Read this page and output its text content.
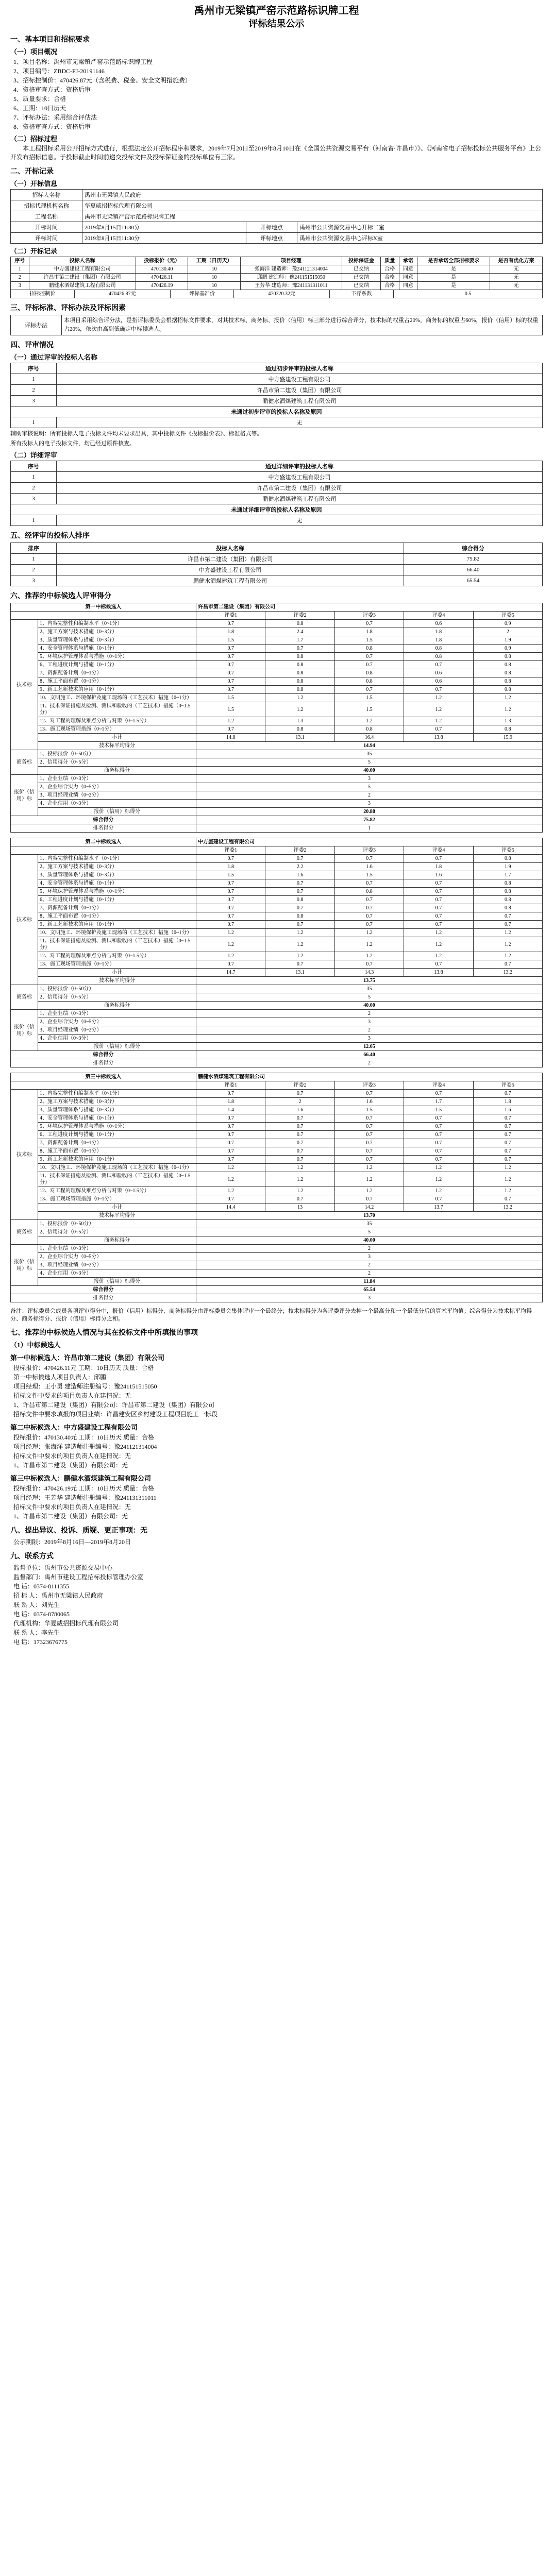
禹州市无梁镇严窑示范路标识牌工程
评标结果公示
一、基本项目和招标要求
（一）项目概况
1、项目名称：禹州市无梁镇严窑示范路标识牌工程
2、项目编号：ZBDC-FJ-20191146
3、招标控制价：470426.87元（含税费、税金、安全文明措施费）
4、资格审查方式：资格后审
5、质量要求：合格
6、工期：10日历天
7、评标办法：采用综合评估法
8、资格审查方式：资格后审
（二）招标过程
本工程招标采用公开招标方式进行，根据法定公开招标程序和要求，2019年7月20日至2019年8月10日在《全国公共资源交易平台（河南省·许昌市）》、《河南省电子招标投标公共服务平台》上公开发布招标信息。于投标截止时间前递交投标文件及投标保证金的投标单位有三家。
二、开标记录
（一）开标信息
招标人名称	禹州市无梁镇人民政府		
招标代理机构名称	华夏威招招标代理有限公司		
工程名称	禹州市无梁镇严窑示范路标识牌工程		
开标时间	2019年8月15日11:30分	开标地点	禹州市公共资源交易中心开标二室
评标时间	2019年8月15日11:30分	评标地点	禹州市公共资源交易中心评标X室
（二）开标记录
序号	投标人名称	投标报价（元）	工期（日历天）	项目经理	投标保证金	质量	承诺	是否承诺全部招标要求	是否有优化方案
1	中方盛建设工程有限公司	470130.40	10	张海洋 建造师：豫241121314004	已交纳	合格	同意	是	无
2	许昌市第二建设（集团）有限公司	470426.11	10	邱鹏 建造师：豫241151515050	已交纳	合格	同意	是	无
3	鹏健水酒煤建筑工程有限公司	470426.19	10	王芳华 建造师：豫241131311011	已交纳	合格	同意	是	无
招标控制价	470426.87元	评标基准价	470320.32元	下浮系数	0.5
三、评标标准、评标办法及评标因素
评标办法	本项目采用综合评分法，是指评标委员会根据招标文件要求，对其技术标、商务标、报价（信用）标三部分进行综合评分，技术标的权重占20%，商务标的权重占60%，报价（信用）标的权重占20%，依次由高到低确定中标候选人。
四、评审情况
（一）通过评审的投标人名称
序号	通过初步评审的投标人名称
1	中方盛建设工程有限公司
2	许昌市第二建设（集团）有限公司
3	鹏健水酒煤建筑工程有限公司
未通过初步评审的投标人名称及原因	
1	无
辅助审核说明：所有投标人电子投标文件均未要求出具，其中投标文件《投标报价表》、标准格式等。
所有投标人的电子投标文件，均已经过原件核查。
（二）详细评审
序号	通过详细评审的投标人名称
1	中方盛建设工程有限公司
2	许昌市第二建设（集团）有限公司
3	鹏健水酒煤建筑工程有限公司
未通过详细评审的投标人名称及原因	
1	无
五、经评审的投标人排序
排序	投标人名称	综合得分
1	许昌市第二建设（集团）有限公司	75.82
2	中方盛建设工程有限公司	66.40
3	鹏健水酒煤建筑工程有限公司	65.54
六、推荐的中标候选人评审得分
第一中标候选人		许昌市第二建设（集团）有限公司				
		评委1	评委2	评委3	评委4	评委5
技术标	1、内容完整性和编制水平（0~1分）	0.7	0.8	0.7	0.6	0.9
	2、施工方案与技术措施（0~3分）	1.8	2.4	1.8	1.8	2
	3、质量管理体系与措施（0~3分）	1.5	1.7	1.5	1.8	1.9
	4、安全管理体系与措施（0~1分）	0.7	0.7	0.8	0.8	0.9
	5、环境保护管理体系与措施（0~1分）	0.7	0.8	0.7	0.8	0.8
	6、工程进度计划与措施（0~1分）	0.7	0.8	0.7	0.7	0.8
	7、资源配备计划（0~1分）	0.7	0.8	0.8	0.6	0.8
	8、施工平面布置（0~1分）	0.7	0.8	0.8	0.6	0.8
	9、新工艺新技术的应用（0~1分）	0.7	0.8	0.7	0.7	0.8
	10、文明施工、环境保护及施工现场的（工艺技术）措施（0~1分）	1.5	1.2	1.5	1.2	1.2
	11、技术保证措施及检测、测试和验收的（工艺技术）措施（0~1.5分）	1.5	1.2	1.5	1.2	1.2
	12、对工程的理解及难点分析与对策（0~1.5分）	1.2	1.3	1.2	1.2	1.3
	13、施工现场管理措施（0~1分）	0.7	0.8	0.8	0.7	0.8
	小计	14.8	13.1	16.4	13.8	15.9
	技术标平均得分	14.94				
商务标	1、投标报价（0~50分）	35				
	2、信用得分（0~5分）	5				
	商务标得分	40.00				
报价（信用）标	1、企业业绩（0~3分）	3				
	2、企业综合实力（0~5分）	5				
	3、项目经理业绩（0~2分）	2				
	4、企业信用（0~3分）	3				
	报价（信用）标得分	20.88				
综合得分		75.82				
排名得分		1				
第二中标候选人		中方盛建设工程有限公司				
		评委1	评委2	评委3	评委4	评委5
技术标	1、内容完整性和编制水平（0~1分）	0.7	0.7	0.7	0.7	0.8
	2、施工方案与技术措施（0~3分）	1.8	2.2	1.6	1.8	1.9
	3、质量管理体系与措施（0~3分）	1.5	1.6	1.5	1.6	1.7
	4、安全管理体系与措施（0~1分）	0.7	0.7	0.7	0.7	0.8
	5、环境保护管理体系与措施（0~1分）	0.7	0.7	0.8	0.7	0.8
	6、工程进度计划与措施（0~1分）	0.7	0.8	0.7	0.7	0.8
	7、资源配备计划（0~1分）	0.7	0.7	0.7	0.7	0.8
	8、施工平面布置（0~1分）	0.7	0.8	0.7	0.7	0.7
	9、新工艺新技术的应用（0~1分）	0.7	0.7	0.7	0.7	0.7
	10、文明施工、环境保护及施工现场的（工艺技术）措施（0~1分）	1.2	1.2	1.2	1.2	1.2
	11、技术保证措施及检测、测试和验收的（工艺技术）措施（0~1.5分）	1.2	1.2	1.2	1.2	1.2
	12、对工程的理解及难点分析与对策（0~1.5分）	1.2	1.2	1.2	1.2	1.2
	13、施工现场管理措施（0~1分）	0.7	0.7	0.7	0.7	0.7
	小计	14.7	13.1	14.3	13.8	13.2
	技术标平均得分	13.75				
商务标	1、投标报价（0~50分）	35				
	2、信用得分（0~5分）	5				
	商务标得分	40.00				
报价（信用）标	1、企业业绩（0~3分）	2				
	2、企业综合实力（0~5分）	3				
	3、项目经理业绩（0~2分）	2				
	4、企业信用（0~3分）	3				
	报价（信用）标得分	12.65				
综合得分		66.40				
排名得分		2				
第三中标候选人		鹏健水酒煤建筑工程有限公司				
		评委1	评委2	评委3	评委4	评委5
技术标	1、内容完整性和编制水平（0~1分）	0.7	0.7	0.7	0.7	0.7
	2、施工方案与技术措施（0~3分）	1.8	2	1.6	1.7	1.8
	3、质量管理体系与措施（0~3分）	1.4	1.6	1.5	1.5	1.6
	4、安全管理体系与措施（0~1分）	0.7	0.7	0.7	0.7	0.7
	5、环境保护管理体系与措施（0~1分）	0.7	0.7	0.7	0.7	0.7
	6、工程进度计划与措施（0~1分）	0.7	0.7	0.7	0.7	0.7
	7、资源配备计划（0~1分）	0.7	0.7	0.7	0.7	0.7
	8、施工平面布置（0~1分）	0.7	0.7	0.7	0.7	0.7
	9、新工艺新技术的应用（0~1分）	0.7	0.7	0.7	0.7	0.7
	10、文明施工、环境保护及施工现场的（工艺技术）措施（0~1分）	1.2	1.2	1.2	1.2	1.2
	11、技术保证措施及检测、测试和验收的（工艺技术）措施（0~1.5分）	1.2	1.2	1.2	1.2	1.2
	12、对工程的理解及难点分析与对策（0~1.5分）	1.2	1.2	1.2	1.2	1.2
	13、施工现场管理措施（0~1分）	0.7	0.7	0.7	0.7	0.7
	小计	14.4	13	14.2	13.7	13.2
	技术标平均得分	13.70				
商务标	1、投标报价（0~50分）	35				
	2、信用得分（0~5分）	5				
	商务标得分	40.00				
报价（信用）标	1、企业业绩（0~3分）	2				
	2、企业综合实力（0~5分）	3				
	3、项目经理业绩（0~2分）	2				
	4、企业信用（0~3分）	2				
	报价（信用）标得分	11.84				
综合得分		65.54				
排名得分		3				
备注：评标委员会成员各项评审得分中，报价（信用）标得分、商务标得分由评标委员会集体评审一个最终分；技术标得分为各评委评分去掉一个最高分和一个最低分后的算术平均值；综合得分为技术标平均得分、商务标得分、报价（信用）标得分之和。
七、推荐的中标候选人情况与其在投标文件中所填报的事项
（1）中标候选人
第一中标候选人：许昌市第二建设（集团）有限公司
投标报价：470426.11元 工期：10日历天 质量：合格
第一中标候选人项目负责人：邱鹏
项目经理：王小勇 建造师注册编号：豫241151515050
招标文件中要求的项目负责人在建情况：无
1、许昌市第二建设（集团）有限公司：许昌市第二建设（集团）有限公司
招标文件中要求填报的项目业绩：许昌建安区乡村建设工程项目施工一标段
第二中标候选人：中方盛建设工程有限公司
投标报价：470130.40元 工期：10日历天 质量：合格
项目经理：张海洋 建造师注册编号：豫241121314004
招标文件中要求的项目负责人在建情况：无
1、许昌市第二建设（集团）有限公司：无
第三中标候选人：鹏健水酒煤建筑工程有限公司
投标报价：470426.19元 工期：10日历天 质量：合格
项目经理：王芳华 建造师注册编号：豫241131311011
招标文件中要求的项目负责人在建情况：无
1、许昌市第二建设（集团）有限公司：无
八、提出异议、投诉、质疑、更正事项：无
公示期限：2019年8月16日—2019年8月20日
九、联系方式
监督单位：禹州市公共资源交易中心
监督部门：禹州市建设工程招标投标管理办公室
电 话：0374-8111355
招 标 人：禹州市无梁镇人民政府
联 系 人：刘先生
电 话：0374-8780065
代理机构：华夏威招招标代理有限公司
联 系 人：李先生
电 话：17323676775
